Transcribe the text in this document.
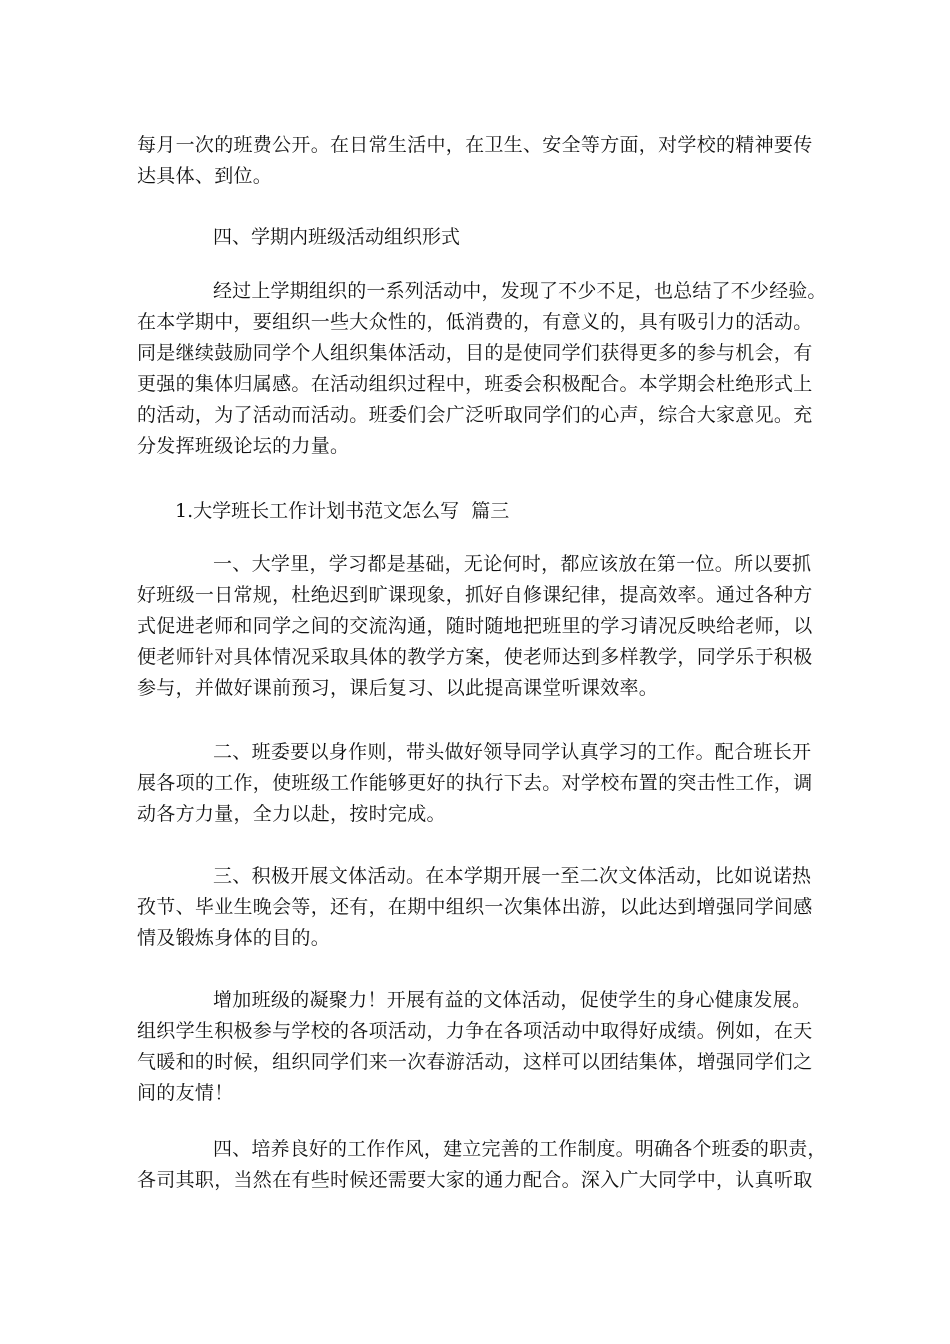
每月一次的班费公开。在日常生活中，在卫生、安全等方面，对学校的精神要传
达具体、到位。

四、学期内班级活动组织形式

经过上学期组织的一系列活动中，发现了不少不足，也总结了不少经验。
在本学期中，要组织一些大众性的，低消费的，有意义的，具有吸引力的活动。
同是继续鼓励同学个人组织集体活动，目的是使同学们获得更多的参与机会，有
更强的集体归属感。在活动组织过程中，班委会积极配合。本学期会杜绝形式上
的活动，为了活动而活动。班委们会广泛听取同学们的心声，综合大家意见。充
分发挥班级论坛的力量。

1.大学班长工作计划书范文怎么写  篇三

一、大学里，学习都是基础，无论何时，都应该放在第一位。所以要抓
好班级一日常规，杜绝迟到旷课现象，抓好自修课纪律，提高效率。通过各种方
式促进老师和同学之间的交流沟通，随时随地把班里的学习请况反映给老师，以
便老师针对具体情况采取具体的教学方案，使老师达到多样教学，同学乐于积极
参与，并做好课前预习，课后复习、以此提高课堂听课效率。

二、班委要以身作则，带头做好领导同学认真学习的工作。配合班长开
展各项的工作，使班级工作能够更好的执行下去。对学校布置的突击性工作，调
动各方力量，全力以赴，按时完成。

三、积极开展文体活动。在本学期开展一至二次文体活动，比如说诺热
孜节、毕业生晚会等，还有，在期中组织一次集体出游，以此达到增强同学间感
情及锻炼身体的目的。

增加班级的凝聚力！开展有益的文体活动，促使学生的身心健康发展。
组织学生积极参与学校的各项活动，力争在各项活动中取得好成绩。例如，在天
气暖和的时候，组织同学们来一次春游活动，这样可以团结集体，增强同学们之
间的友情！

四、培养良好的工作作风，建立完善的工作制度。明确各个班委的职责，
各司其职，当然在有些时候还需要大家的通力配合。深入广大同学中，认真听取
